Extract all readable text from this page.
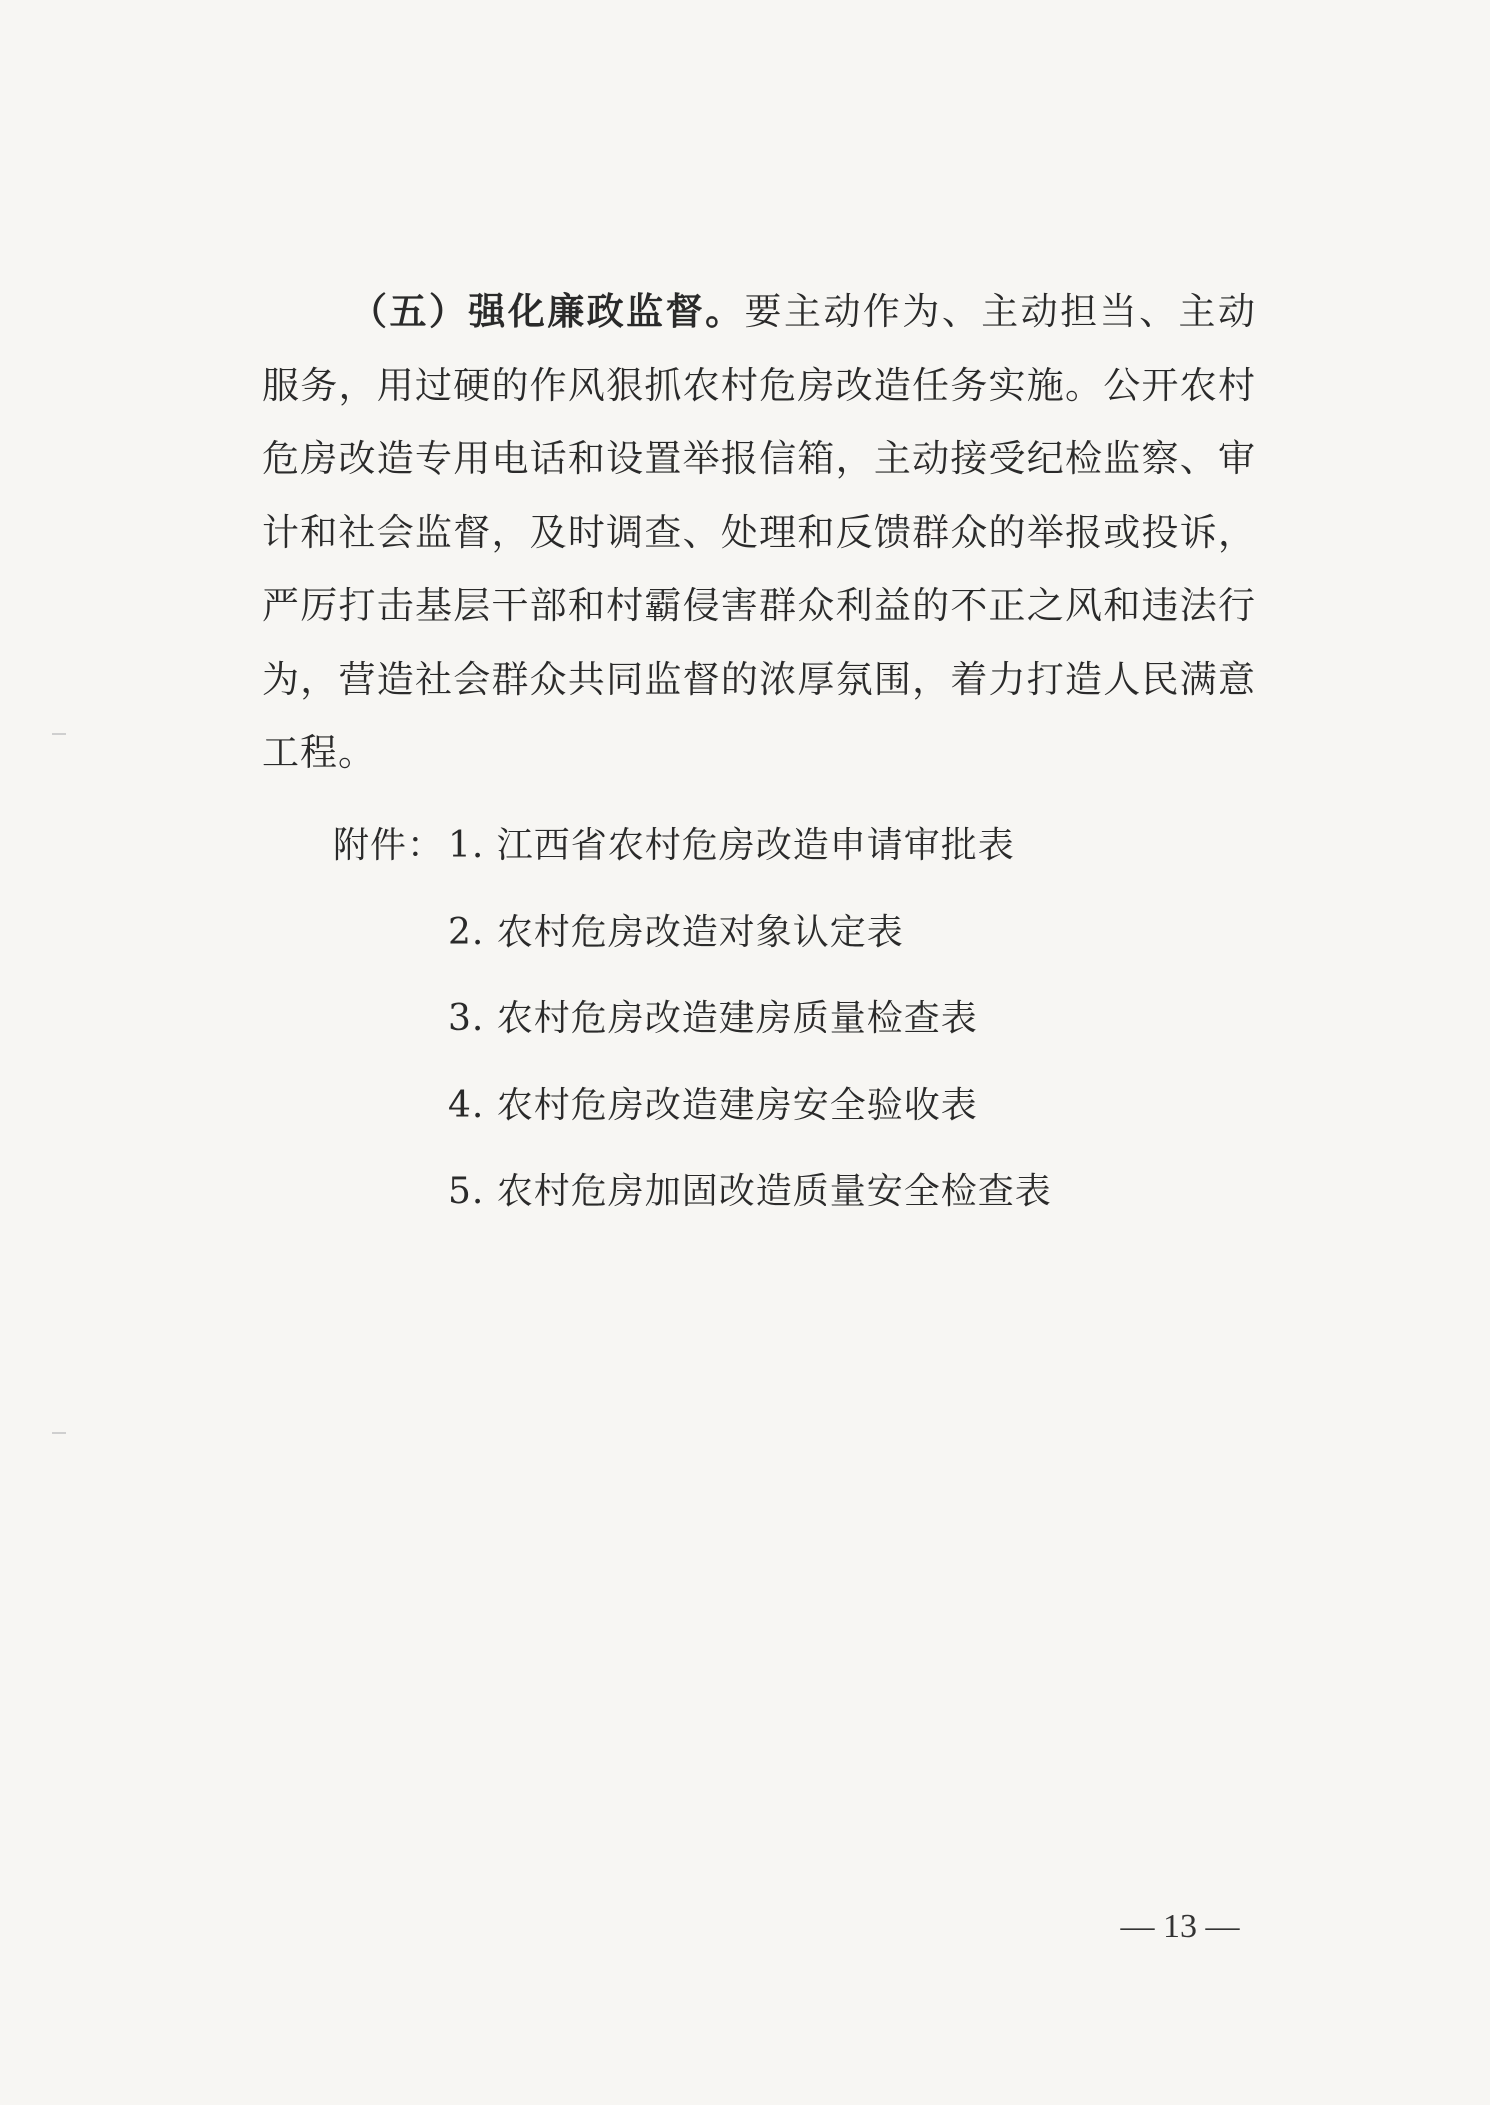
（五）强化廉政监督。要主动作为、主动担当、主动服务，用过硬的作风狠抓农村危房改造任务实施。公开农村危房改造专用电话和设置举报信箱，主动接受纪检监察、审计和社会监督，及时调查、处理和反馈群众的举报或投诉，严厉打击基层干部和村霸侵害群众利益的不正之风和违法行为，营造社会群众共同监督的浓厚氛围，着力打造人民满意工程。

附件： 1. 江西省农村危房改造申请审批表
2. 农村危房改造对象认定表
3. 农村危房改造建房质量检查表
4. 农村危房改造建房安全验收表
5. 农村危房加固改造质量安全检查表
— 13 —
